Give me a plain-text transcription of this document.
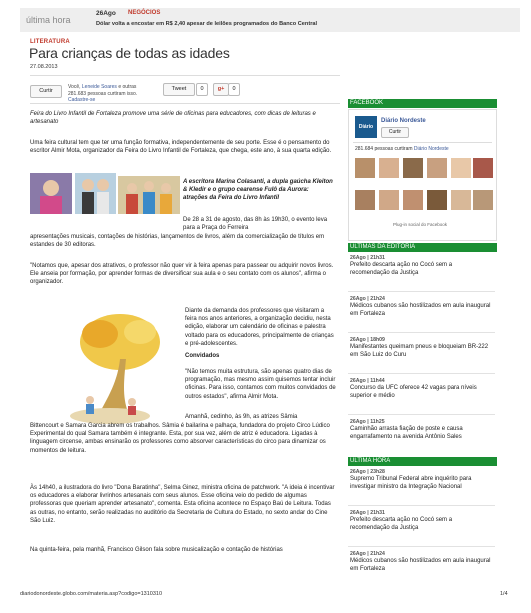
última hora
26Ago NEGÓCIOS
Dólar volta a encostar em R$ 2,40 apesar de leilões programados do Banco Central
LITERATURA
Para crianças de todas as idades
27.08.2013
Curtir
Você, Leneide Soares e outras
281.683 pessoas curtiram isso.
Cadastre-se
Tweet	0	g+	0
Feira do Livro Infantil de Fortaleza promove uma série de oficinas para educadores, com dicas de leituras e artesanato
Uma feira cultural tem que ter uma função formativa, independentemente de seu porte. Esse é o pensamento do escritor Almir Mota, organizador da Feira do Livro Infantil de Fortaleza, que chega, este ano, à sua quarta edição.
A escritora Marina Colasanti, a dupla gaúcha Kleiton & Kledir e o grupo cearense Fulô da Aurora: atrações da Feira do Livro Infantil
De 28 a 31 de agosto, das 8h às 19h30, o evento leva para a Praça do Ferreira
apresentações musicais, contações de histórias, lançamentos de livros, além da comercialização de títulos em estandes de 30 editoras.
"Notamos que, apesar dos atrativos, o professor não quer vir à feira apenas para passear ou adquirir novos livros. Ele anseia por formação, por aprender formas de diversificar sua aula e o seu contato com os alunos", afirma o organizador.
Diante da demanda dos professores que visitaram a feira nos anos anteriores, a organização decidiu, nesta edição, elaborar um calendário de oficinas e palestra voltado para os educadores, principalmente de crianças e pré-adolescentes.
Convidados
"Não temos muita estrutura, são apenas quatro dias de programação, mas mesmo assim quisemos tentar incluir oficinas. Para isso, contamos com muitos convidados de outros estados", afirma Almir Mota.
Amanhã, cedinho, às 9h, as atrizes Sâmia
Bittencourt e Samara Garcia abrem os trabalhos. Sâmia é bailarina e palhaça, fundadora do projeto Circo Lúdico Experimental do qual Samara também é integrante. Esta, por sua vez, além de atriz é educadora. Ligadas à linguagem circense, ambas ensinarão os professores como absorver características do circo para dinamizar os momentos de leitura.
Às 14h40, a ilustradora do livro "Dona Baratinha", Selma Ginez, ministra oficina de patchwork. "A ideia é incentivar os educadores a elaborar livrinhos artesanais com seus alunos. Esse oficina veio do pedido de algumas professoras que queriam aprender artesanato", comenta. Esta oficina acontece no Espaço Baú de Leitura. Todas as outras, no entanto, serão realizadas no auditório da Secretaria de Cultura do Estado, no sexto andar do Cine São Luiz.
Na quinta-feira, pela manhã, Francisco Gilson fala sobre musicalização e contação de histórias
FACEBOOK
Diário
Diário Nordeste
Curtir
281.684 pessoas curtiram Diário Nordeste
Plug-in social do Facebook
ÚLTIMAS DA EDITORIA
26Ago | 21h31
Prefeito descarta ação no Cocó sem a recomendação da Justiça
26Ago | 21h24
Médicos cubanos são hostilizados em aula inaugural em Fortaleza
26Ago | 18h09
Manifestantes queimam pneus e bloqueiam BR-222 em São Luiz do Curu
26Ago | 11h44
Concurso da UFC oferece 42 vagas para níveis superior e médio
26Ago | 11h25
Caminhão arrasta fiação de poste e causa engarrafamento na avenida Antônio Sales
ÚLTIMA HORA
26Ago | 23h28
Supremo Tribunal Federal abre inquérito para investigar ministro da Integração Nacional
26Ago | 21h31
Prefeito descarta ação no Cocó sem a recomendação da Justiça
26Ago | 21h24
Médicos cubanos são hostilizados em aula inaugural em Fortaleza
diariodonordeste.globo.com/materia.asp?codigo=1310310	1/4
